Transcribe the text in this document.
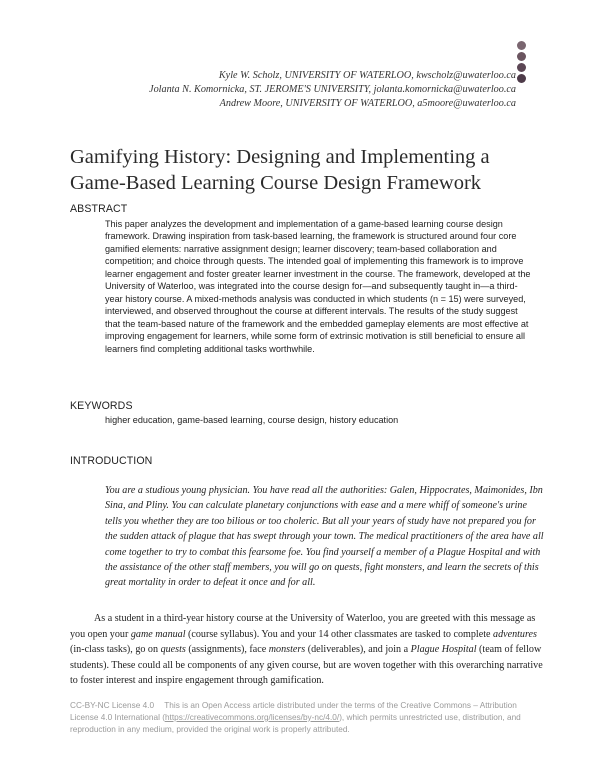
Kyle W. Scholz, UNIVERSITY OF WATERLOO, kwscholz@uwaterloo.ca
Jolanta N. Komornicka, ST. JEROME'S UNIVERSITY, jolanta.komornicka@uwaterloo.ca
Andrew Moore, UNIVERSITY OF WATERLOO, a5moore@uwaterloo.ca
Gamifying History: Designing and Implementing a
Game-Based Learning Course Design Framework
ABSTRACT
This paper analyzes the development and implementation of a game-based learning course design framework. Drawing inspiration from task-based learning, the framework is structured around four core gamified elements: narrative assignment design; learner discovery; team-based collaboration and competition; and choice through quests. The intended goal of implementing this framework is to improve learner engagement and foster greater learner investment in the course. The framework, developed at the University of Waterloo, was integrated into the course design for—and subsequently taught in—a third-year history course. A mixed-methods analysis was conducted in which students (n = 15) were surveyed, interviewed, and observed throughout the course at different intervals. The results of the study suggest that the team-based nature of the framework and the embedded gameplay elements are most effective at improving engagement for learners, while some form of extrinsic motivation is still beneficial to ensure all learners find completing additional tasks worthwhile.
KEYWORDS
higher education, game-based learning, course design, history education
INTRODUCTION
You are a studious young physician. You have read all the authorities: Galen, Hippocrates, Maimonides, Ibn Sina, and Pliny. You can calculate planetary conjunctions with ease and a mere whiff of someone's urine tells you whether they are too bilious or too choleric. But all your years of study have not prepared you for the sudden attack of plague that has swept through your town. The medical practitioners of the area have all come together to try to combat this fearsome foe. You find yourself a member of a Plague Hospital and with the assistance of the other staff members, you will go on quests, fight monsters, and learn the secrets of this great mortality in order to defeat it once and for all.
As a student in a third-year history course at the University of Waterloo, you are greeted with this message as you open your game manual (course syllabus). You and your 14 other classmates are tasked to complete adventures (in-class tasks), go on quests (assignments), face monsters (deliverables), and join a Plague Hospital (team of fellow students). These could all be components of any given course, but are woven together with this overarching narrative to foster interest and inspire engagement through gamification.
CC-BY-NC License 4.0 This is an Open Access article distributed under the terms of the Creative Commons – Attribution License 4.0 International (https://creativecommons.org/licenses/by-nc/4.0/), which permits unrestricted use, distribution, and reproduction in any medium, provided the original work is properly attributed.
